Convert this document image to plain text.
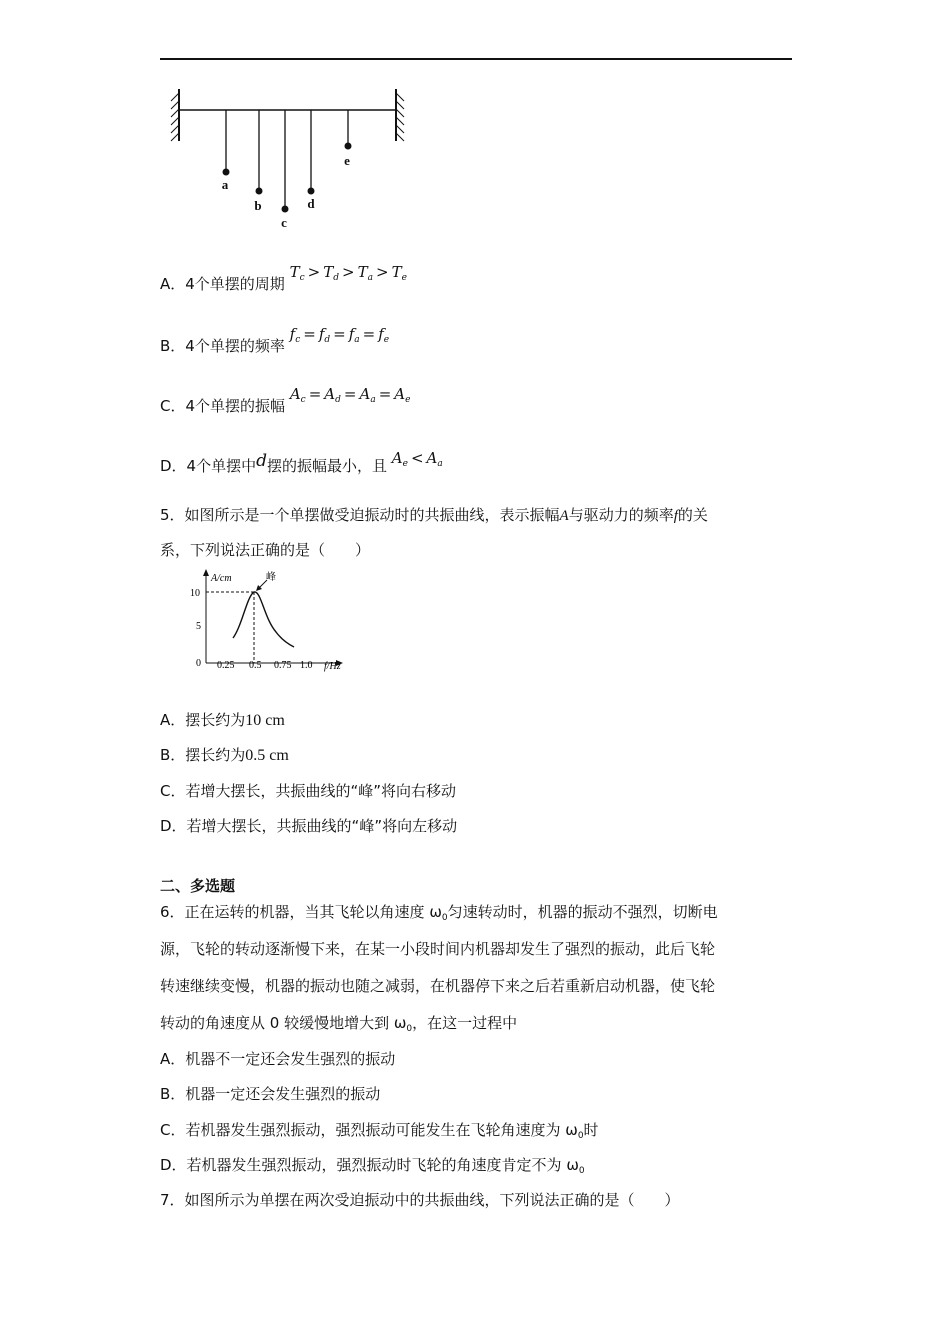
a
b
c
d
e
A．4个单摆的周期 $T_c > T_d > T_a > T_e$
B．4个单摆的频率 $f_c = f_d = f_a = f_e$
C．4个单摆的振幅 $A_c = A_d = A_a = A_e$
D．4个单摆中d摆的振幅最小，且 $A_e < A_a$
5．如图所示是一个单摆做受迫振动时的共振曲线，表示振幅A与驱动力的频率f的关
系，下列说法正确的是（　　）
A/cm
f/Hz
10
5
0 0.25 0.5 0.75 1.0
峰
A．摆长约为10 cm
B．摆长约为0.5 cm
C．若增大摆长，共振曲线的“峰”将向右移动
D．若增大摆长，共振曲线的“峰”将向左移动
二、多选题
6．正在运转的机器，当其飞轮以角速度 $\omega_0$匀速转动时，机器的振动不强烈，切断电
源，飞轮的转动逐渐慢下来，在某一小段时间内机器却发生了强烈的振动，此后飞轮
转速继续变慢，机器的振动也随之减弱，在机器停下来之后若重新启动机器，使飞轮
转动的角速度从 0 较缓慢地增大到 $\omega_0$，在这一过程中
A．机器不一定还会发生强烈的振动
B．机器一定还会发生强烈的振动
C．若机器发生强烈振动，强烈振动可能发生在飞轮角速度为 $\omega_0$时
D．若机器发生强烈振动，强烈振动时飞轮的角速度肯定不为 $\omega_0$
7．如图所示为单摆在两次受迫振动中的共振曲线，下列说法正确的是（　　）
